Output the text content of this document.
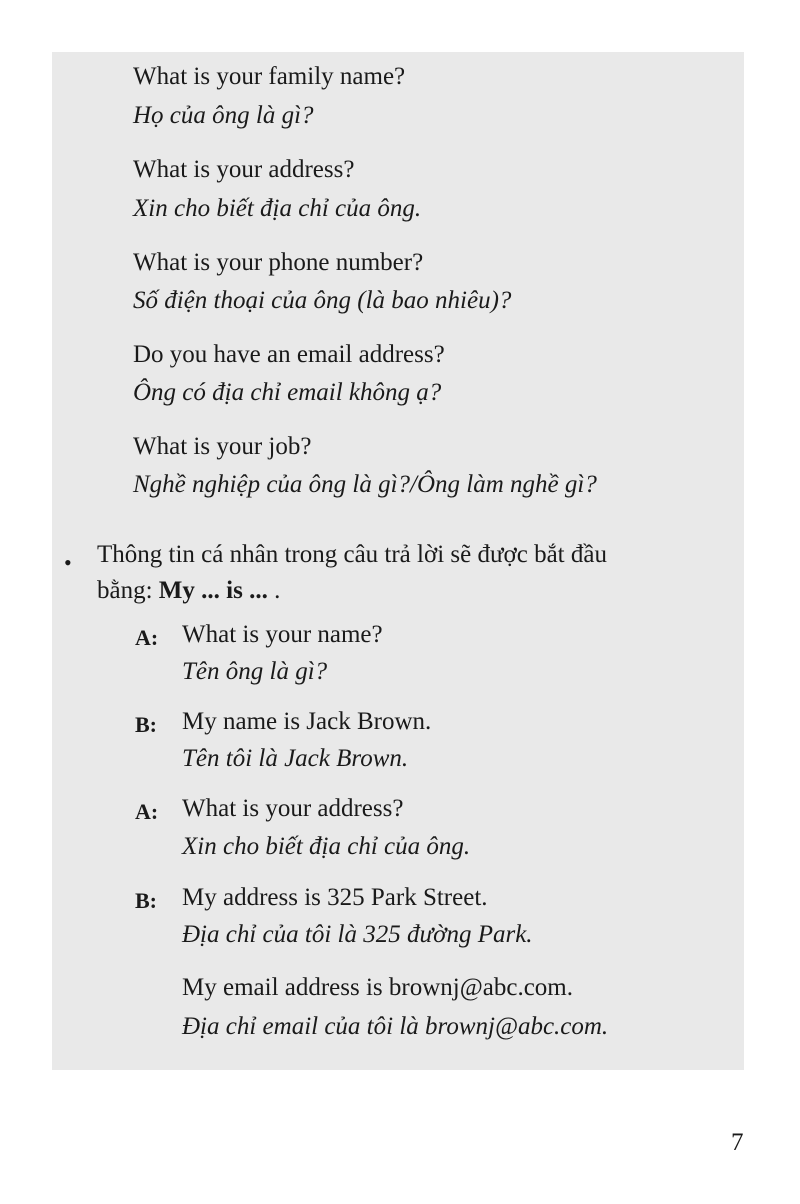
What is your family name?
Họ của ông là gì?
What is your address?
Xin cho biết địa chỉ của ông.
What is your phone number?
Số điện thoại của ông (là bao nhiêu)?
Do you have an email address?
Ông có địa chỉ email không ạ?
What is your job?
Nghề nghiệp của ông là gì?/Ông làm nghề gì?
• Thông tin cá nhân trong câu trả lời sẽ được bắt đầu
bằng: My ... is ... .
A: What is your name?
Tên ông là gì?
B: My name is Jack Brown.
Tên tôi là Jack Brown.
A: What is your address?
Xin cho biết địa chỉ của ông.
B: My address is 325 Park Street.
Địa chỉ của tôi là 325 đường Park.
My email address is brownj@abc.com.
Địa chỉ email của tôi là brownj@abc.com.
7
